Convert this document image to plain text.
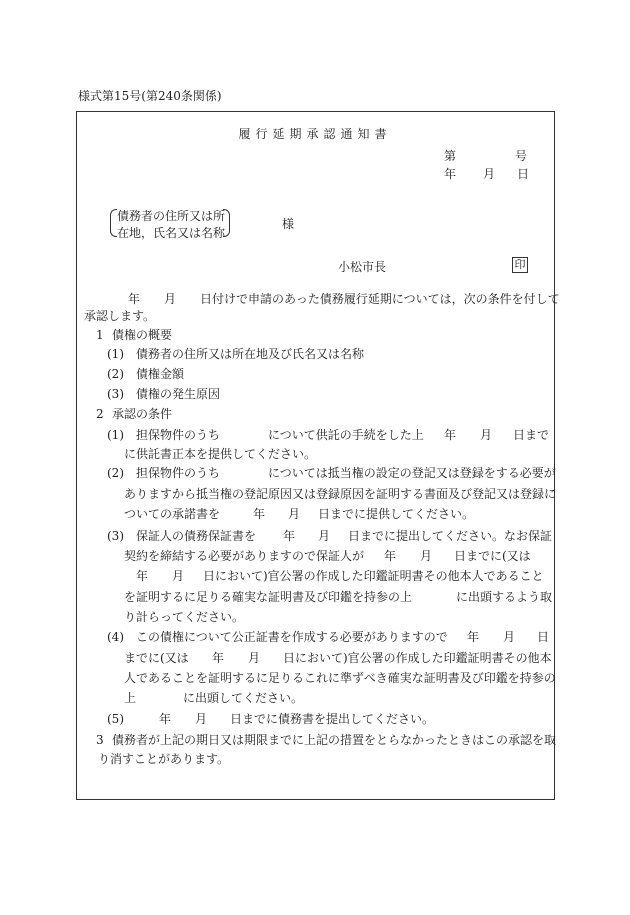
様式第15号(第240条関係)
履行延期承認通知書
第	号
年 月 日
債務者の住所又は所
在地，氏名又は名称
様
小松市長	印
年 月 日付けで申請のあった債務履行延期については，次の条件を付して
承認します。
1 債権の概要
(1) 債務者の住所又は所在地及び氏名又は名称
(2) 債権金額
(3) 債権の発生原因
2 承認の条件
(1) 担保物件のうち	について供託の手続をした上 年 月 日まで
に供託書正本を提供してください。
(2) 担保物件のうち	については抵当権の設定の登記又は登録をする必要が
ありますから抵当権の登記原因又は登録原因を証明する書面及び登記又は登録に
ついての承諾書を	年 月 日までに提供してください。
(3) 保証人の債務保証書を 年 月 日までに提出してください。なお保証
契約を締結する必要がありますので保証人が 年 月 日までに(又は
年 月 日において)官公署の作成した印鑑証明書その他本人であること
を証明するに足りる確実な証明書及び印鑑を持参の上	に出頭するよう取
り計らってください。
(4) この債権について公正証書を作成する必要がありますので 年 月 日
までに(又は 年 月 日において)官公署の作成した印鑑証明書その他本
人であることを証明するに足りるこれに準ずべき確実な証明書及び印鑑を持参の
上	に出頭してください。
(5)	年 月 日までに債務書を提出してください。
3 債務者が上記の期日又は期限までに上記の措置をとらなかったときはこの承認を取
り消すことがあります。
